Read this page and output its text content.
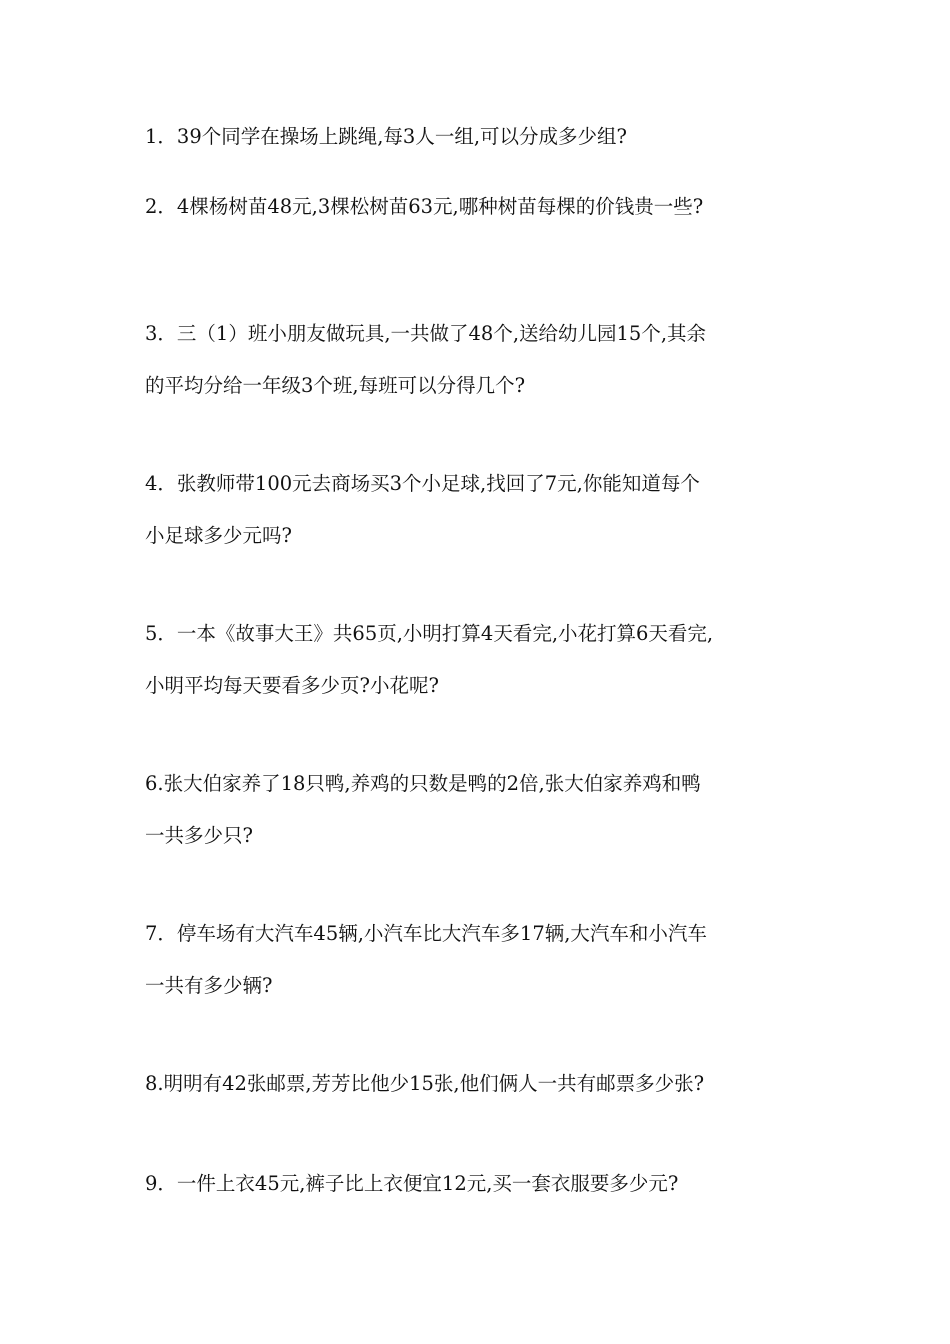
1．39个同学在操场上跳绳,每3人一组,可以分成多少组?
2．4棵杨树苗48元,3棵松树苗63元,哪种树苗每棵的价钱贵一些?
3．三（1）班小朋友做玩具,一共做了48个,送给幼儿园15个,其余
的平均分给一年级3个班,每班可以分得几个?
4．张教师带100元去商场买3个小足球,找回了7元,你能知道每个
小足球多少元吗?
5．一本《故事大王》共65页,小明打算4天看完,小花打算6天看完,
小明平均每天要看多少页?小花呢?
6.张大伯家养了18只鸭,养鸡的只数是鸭的2倍,张大伯家养鸡和鸭
一共多少只?
7．停车场有大汽车45辆,小汽车比大汽车多17辆,大汽车和小汽车
一共有多少辆?
8.明明有42张邮票,芳芳比他少15张,他们俩人一共有邮票多少张?
9．一件上衣45元,裤子比上衣便宜12元,买一套衣服要多少元?
